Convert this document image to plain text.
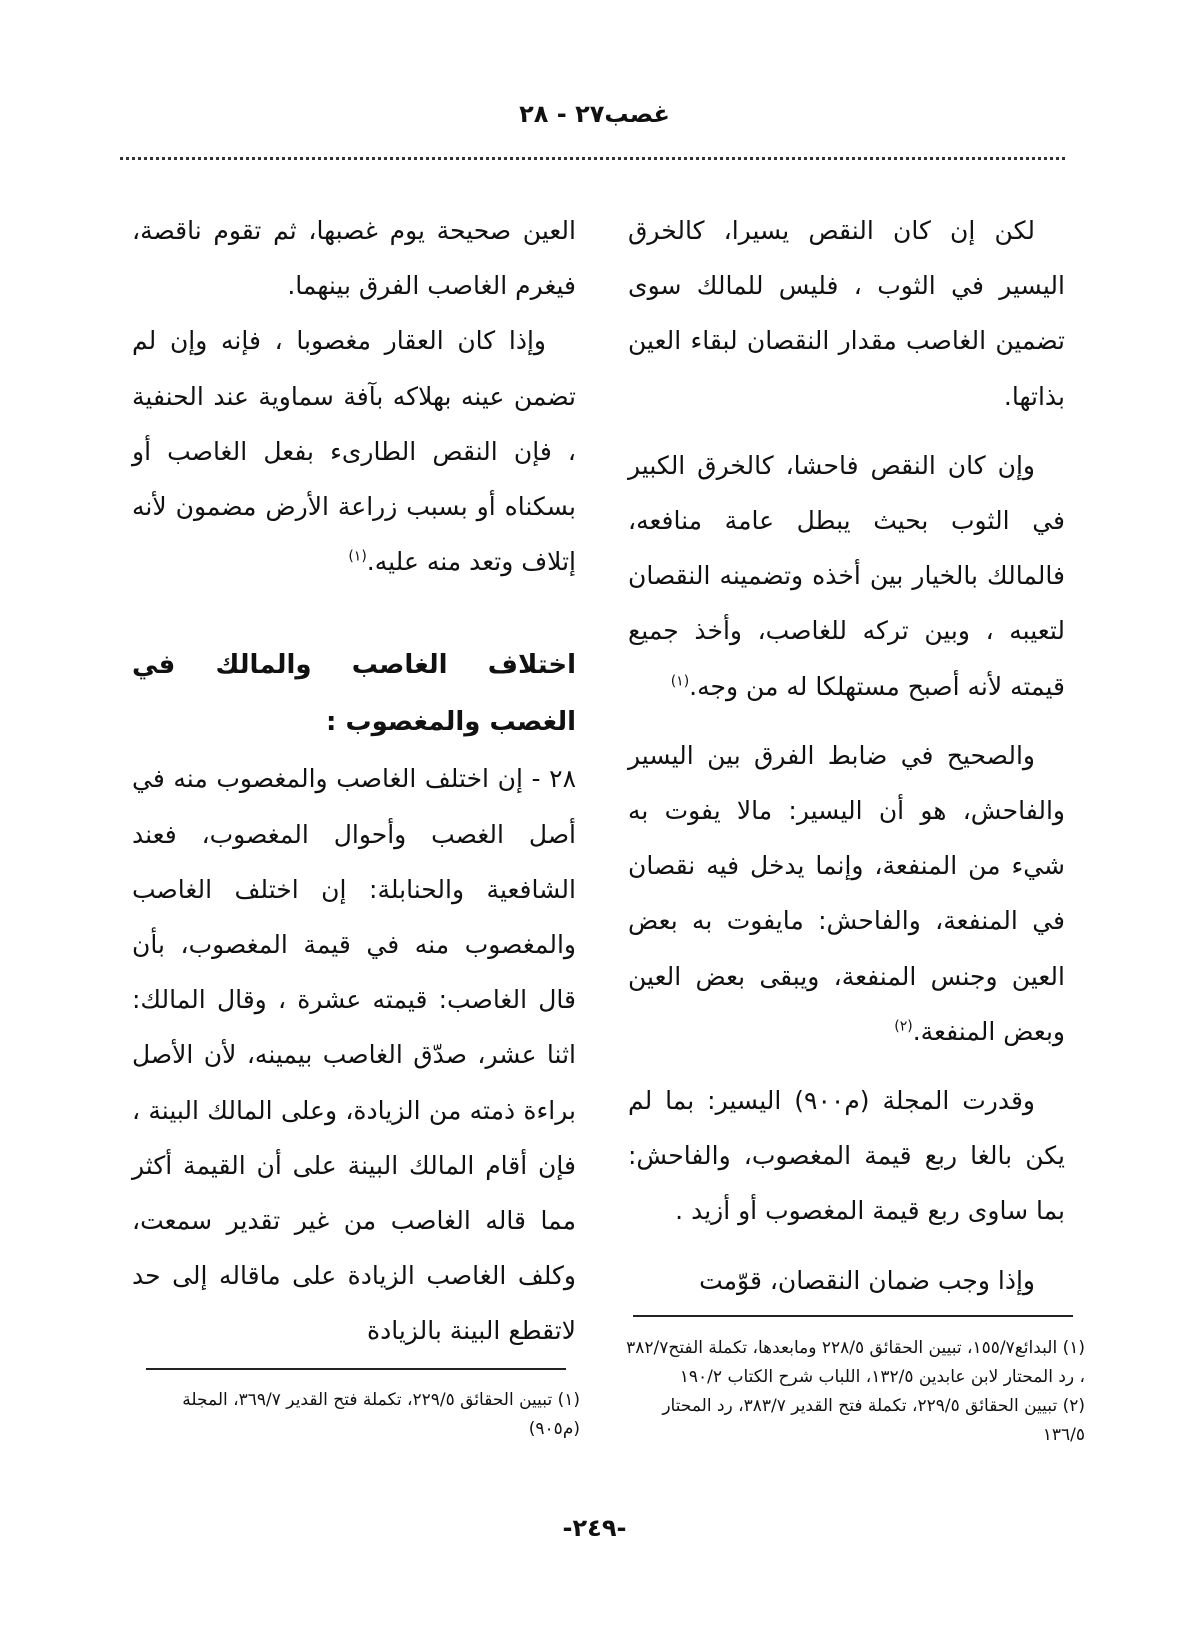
غصب٢٧ - ٢٨

لكن إن كان النقص يسيرا، كالخرق اليسير في الثوب ، فليس للمالك سوى تضمين الغاصب مقدار النقصان لبقاء العين بذاتها.

وإن كان النقص فاحشا، كالخرق الكبير في الثوب بحيث يبطل عامة منافعه، فالمالك بالخيار بين أخذه وتضمينه النقصان لتعيبه ، وبين تركه للغاصب، وأخذ جميع قيمته لأنه أصبح مستهلكا له من وجه.$^{(١)}$

والصحيح في ضابط الفرق بين اليسير والفاحش، هو أن اليسير: مالا يفوت به شيء من المنفعة، وإنما يدخل فيه نقصان في المنفعة، والفاحش: مايفوت به بعض العين وجنس المنفعة، ويبقى بعض العين وبعض المنفعة.$^{(٢)}$

وقدرت المجلة (م٩٠٠) اليسير: بما لم يكن بالغا ربع قيمة المغصوب، والفاحش: بما ساوى ربع قيمة المغصوب أو أزيد .

وإذا وجب ضمان النقصان، قوّمت

العين صحيحة يوم غصبها، ثم تقوم ناقصة، فيغرم الغاصب الفرق بينهما.

وإذا كان العقار مغصوبا ، فإنه وإن لم تضمن عينه بهلاكه بآفة سماوية عند الحنفية ، فإن النقص الطارىء بفعل الغاصب أو بسكناه أو بسبب زراعة الأرض مضمون لأنه إتلاف وتعد منه عليه.$^{(١)}$

اختلاف الغاصب والمالك في الغصب والمغصوب :

٢٨ - إن اختلف الغاصب والمغصوب منه في أصل الغصب وأحوال المغصوب، فعند الشافعية والحنابلة: إن اختلف الغاصب والمغصوب منه في قيمة المغصوب، بأن قال الغاصب: قيمته عشرة ، وقال المالك: اثنا عشر، صدّق الغاصب بيمينه، لأن الأصل براءة ذمته من الزيادة، وعلى المالك البينة ، فإن أقام المالك البينة على أن القيمة أكثر مما قاله الغاصب من غير تقدير سمعت، وكلف الغاصب الزيادة على ماقاله إلى حد لاتقطع البينة بالزيادة

(١) البدائع١٥٥/٧، تبيين الحقائق ٢٢٨/٥ ومابعدها، تكملة الفتح٣٨٢/٧ ، رد المحتار لابن عابدين ١٣٢/٥، اللباب شرح الكتاب ١٩٠/٢

(٢) تبيين الحقائق ٢٢٩/٥، تكملة فتح القدير ٣٨٣/٧، رد المحتار ١٣٦/٥

(١) تبيين الحقائق ٢٢٩/٥، تكملة فتح القدير ٣٦٩/٧، المجلة (م٩٠٥)

-٢٤٩-
